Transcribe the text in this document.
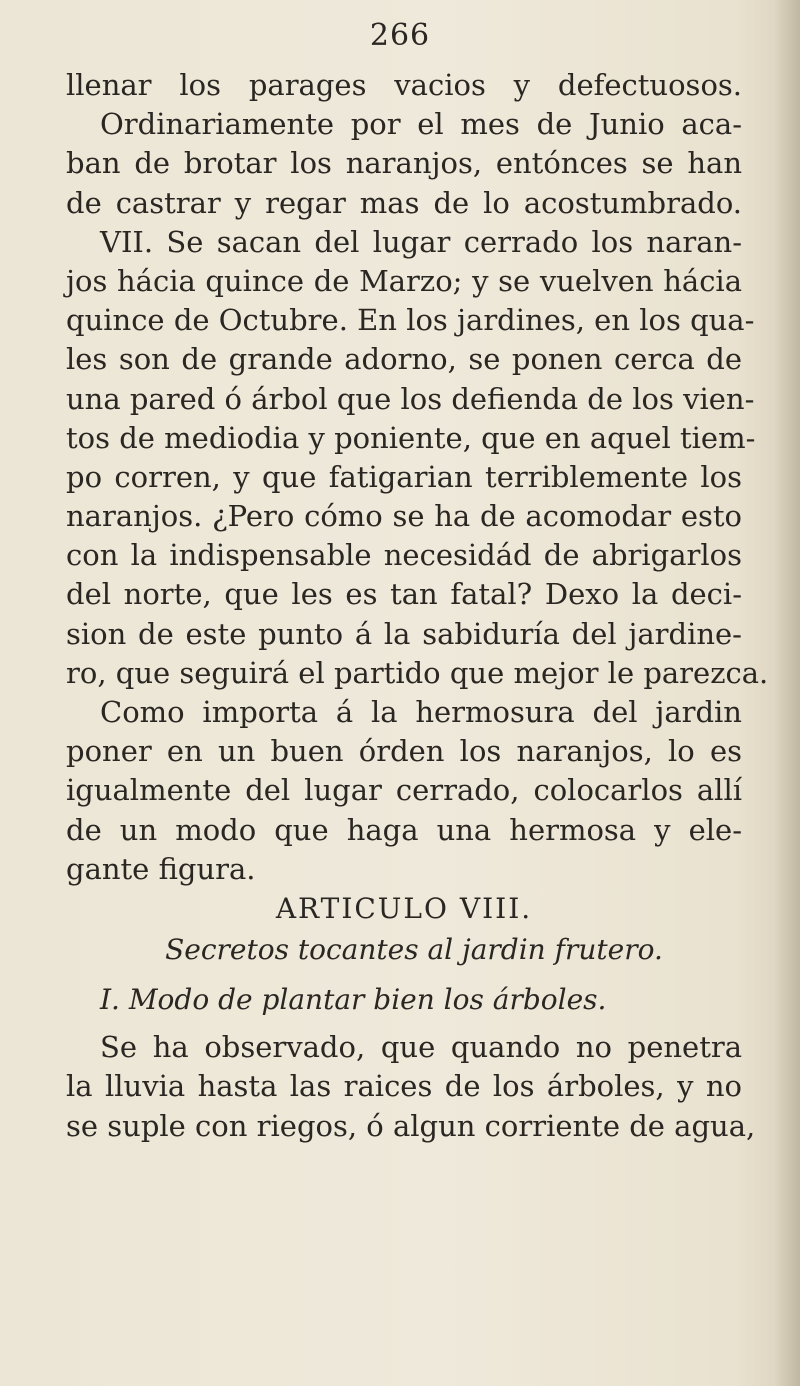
266
llenar los parages vacios y defectuosos.
Ordinariamente por el mes de Junio aca-
ban de brotar los naranjos, entónces se han
de castrar y regar mas de lo acostumbrado.
VII. Se sacan del lugar cerrado los naran-
jos hácia quince de Marzo; y se vuelven hácia
quince de Octubre. En los jardines, en los qua-
les son de grande adorno, se ponen cerca de
una pared ó árbol que los defienda de los vien-
tos de mediodia y poniente, que en aquel tiem-
po corren, y que fatigarian terriblemente los
naranjos. ¿Pero cómo se ha de acomodar esto
con la indispensable necesidád de abrigarlos
del norte, que les es tan fatal? Dexo la deci-
sion de este punto á la sabiduría del jardine-
ro, que seguirá el partido que mejor le parezca.
Como importa á la hermosura del jardin
poner en un buen órden los naranjos, lo es
igualmente del lugar cerrado, colocarlos allí
de un modo que haga una hermosa y ele-
gante figura.
ARTICULO VIII.
Secretos tocantes al jardin frutero.
I. Modo de plantar bien los árboles.
Se ha observado, que quando no penetra
la lluvia hasta las raices de los árboles, y no
se suple con riegos, ó algun corriente de agua,
